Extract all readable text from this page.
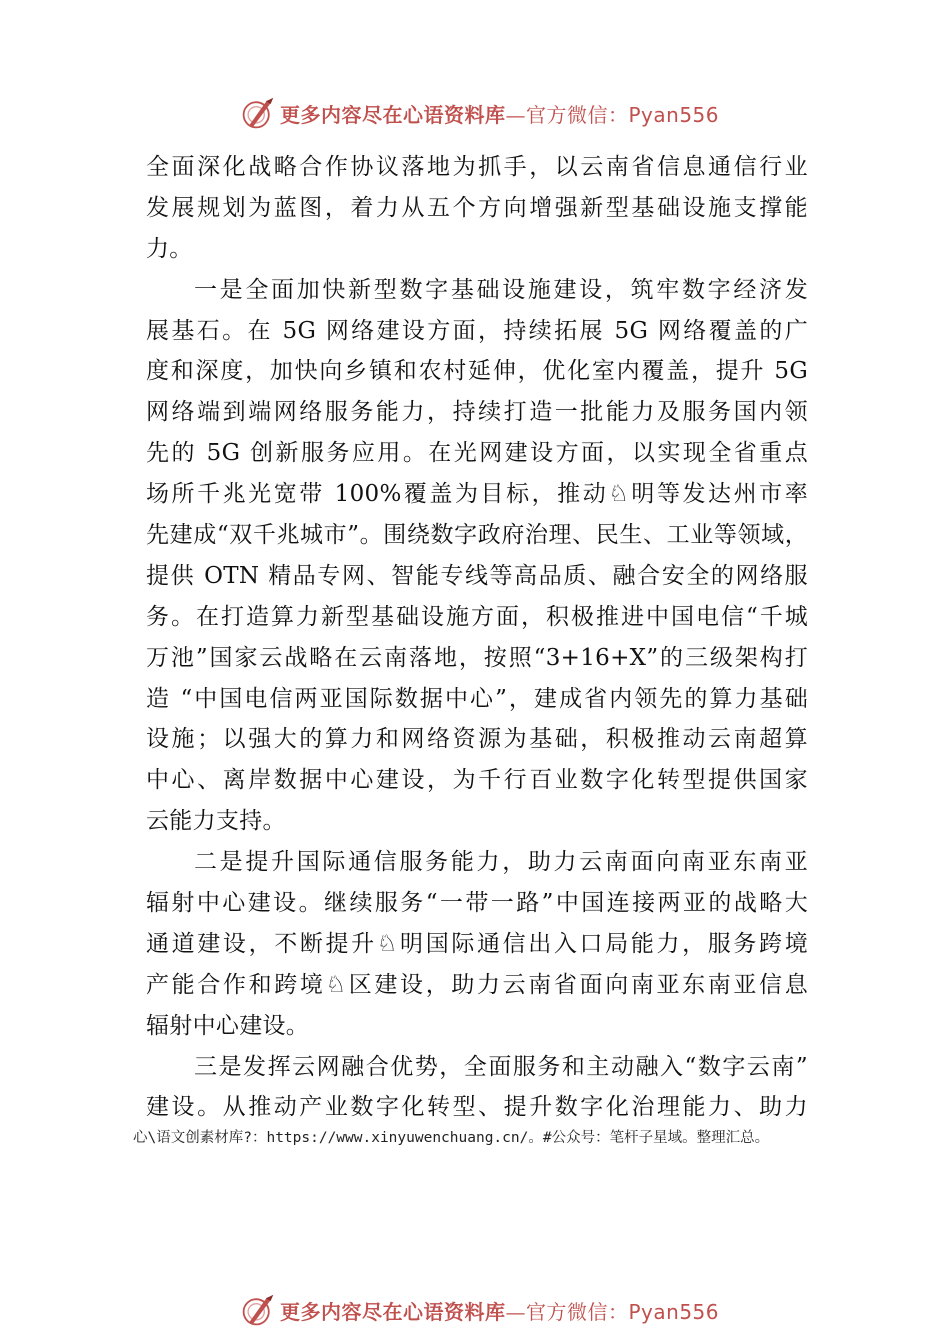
更多内容尽在心语资料库—官方微信：Pyan556
全面深化战略合作协议落地为抓手，以云南省信息通信行业
发展规划为蓝图，着力从五个方向增强新型基础设施支撑能
力。
一是全面加快新型数字基础设施建设，筑牢数字经济发
展基石。在 5G 网络建设方面，持续拓展 5G 网络覆盖的广
度和深度，加快向乡镇和农村延伸，优化室内覆盖，提升 5G
网络端到端网络服务能力，持续打造一批能力及服务国内领
先的 5G 创新服务应用。在光网建设方面，以实现全省重点
场所千兆光宽带 100%覆盖为目标，推动♘明等发达州市率
先建成“双千兆城市”。围绕数字政府治理、民生、工业等领域，
提供 OTN 精品专网、智能专线等高品质、融合安全的网络服
务。在打造算力新型基础设施方面，积极推进中国电信“千城
万池”国家云战略在云南落地，按照“3+16+X”的三级架构打
造 “中国电信两亚国际数据中心”，建成省内领先的算力基础
设施；以强大的算力和网络资源为基础，积极推动云南超算
中心、离岸数据中心建设，为千行百业数字化转型提供国家
云能力支持。
二是提升国际通信服务能力，助力云南面向南亚东南亚
辐射中心建设。继续服务“一带一路”中国连接两亚的战略大
通道建设，不断提升♘明国际通信出入口局能力，服务跨境
产能合作和跨境♘区建设，助力云南省面向南亚东南亚信息
辐射中心建设。
三是发挥云网融合优势，全面服务和主动融入“数字云南”
建设。从推动产业数字化转型、提升数字化治理能力、助力
心\语文创素材库?：https://www.xinyuwenchuang.cn/。#公众号：笔杆子星域。整理汇总。
更多内容尽在心语资料库—官方微信：Pyan556
